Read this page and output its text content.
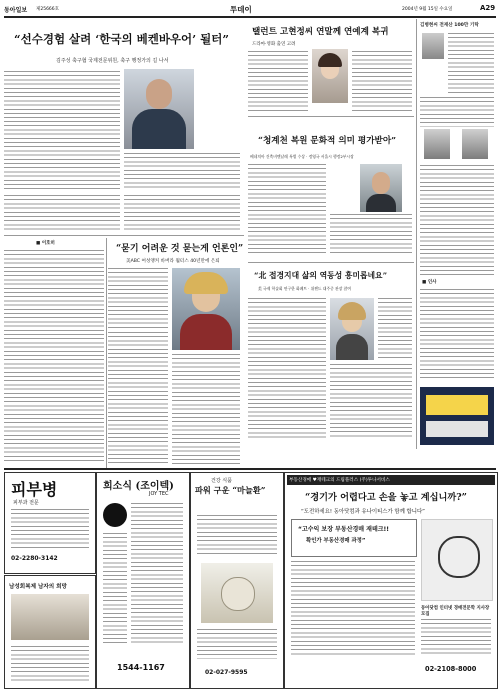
동아일보 제25666호	투데이	2004년 9월 15일 수요일	A29
“선수경험 살려 ‘한국의 베켄바우어’ 될터”
김주성 축구협 국제전문위원, 축구 행정가의 길 나서
■ 이호히
“묻기 어려운 것 묻는게 언론인”
美ABC 여성앵커 바버라 월터스 40년만에 은퇴
탤런트 고현정씨 연말께 연예계 복귀
드라마·영화 출연 고려
“청계천 복원 문화적 의미 평가받아”
베네치아 건축비엔날레 특별 수상 · 정영국 서울시 행정2부시장
“北 접경지대 삶의 역동성 흥미롭네요”
美 국제 학술회 연구한 화폐트 · 위젠드 대주중 관장 참여
김병현씨 전재산 100만 기탁
■ 인사
피부병
피부과 전문
02-2280-3142
남성회복제 남자의 희망
희소식 (조이텍)
JOY TEC
1544-1167
건강 식품
파워 구운 “마늘환”
02-027-9595
부동산경매 ♥재테크의 드림플러스 (주)투나서비스
“경기가 어렵다고 손을 놓고 계십니까?”
“도전하세요! 동아닷컴과 유나이티스가 함께 합니다”
“고수익 보장 부동산경매 재테크!!
확인가 부동산경매 과정”
동아닷컴 인터넷 경매전문학 지사장 모집
02-2108-8000
